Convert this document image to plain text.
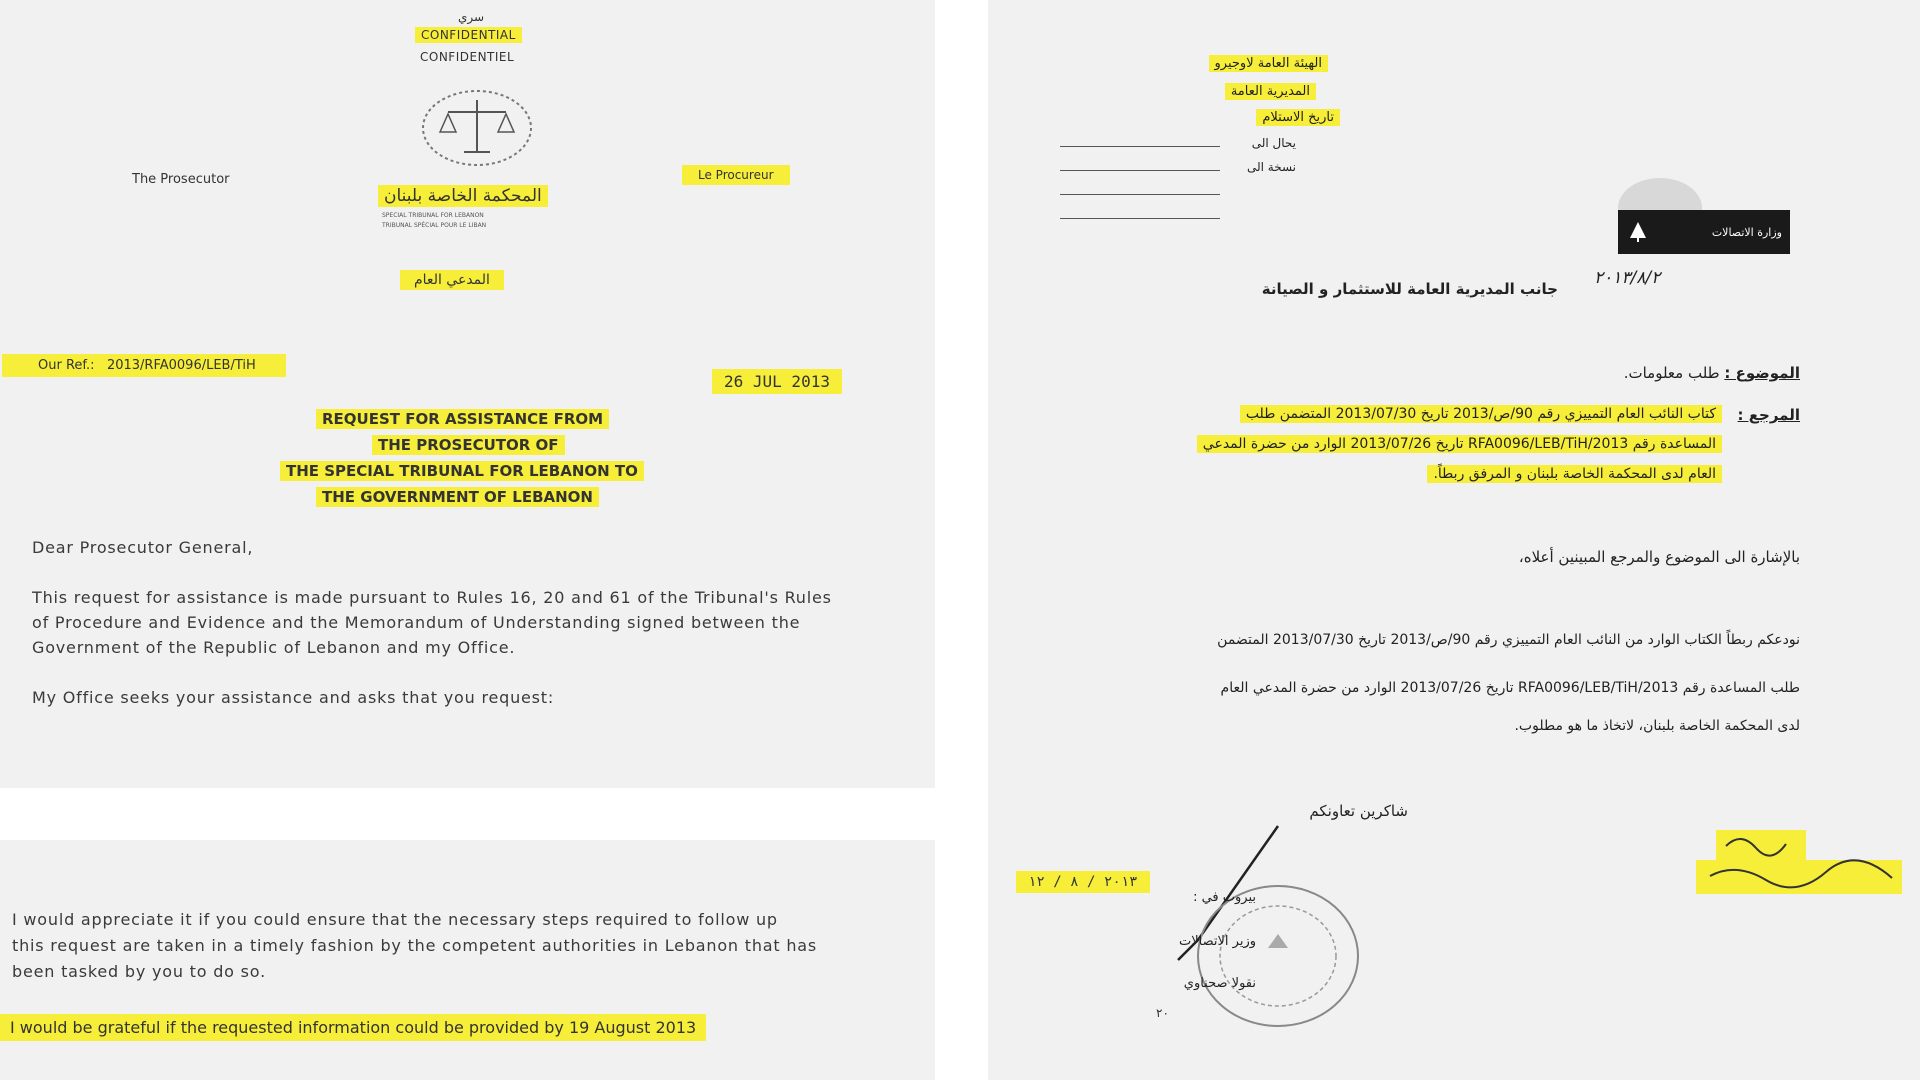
سري
CONFIDENTIAL
CONFIDENTIEL
المحكمة الخاصة بلبنان
SPECIAL TRIBUNAL FOR LEBANON
TRIBUNAL SPÉCIAL POUR LE LIBAN
The Prosecutor	Le Procureur
المدعي العام
Our Ref.: 2013/RFA0096/LEB/TiH
26 JUL 2013
REQUEST FOR ASSISTANCE FROM
THE PROSECUTOR OF
THE SPECIAL TRIBUNAL FOR LEBANON TO
THE GOVERNMENT OF LEBANON
Dear Prosecutor General,
This request for assistance is made pursuant to Rules 16, 20 and 61 of the Tribunal's Rules
of Procedure and Evidence and the Memorandum of Understanding signed between the
Government of the Republic of Lebanon and my Office.
My Office seeks your assistance and asks that you request:
I would appreciate it if you could ensure that the necessary steps required to follow up
this request are taken in a timely fashion by the competent authorities in Lebanon that has
been tasked by you to do so.
I would be grateful if the requested information could be provided by 19 August 2013
الهيئة العامة لاوجيرو
المديرية العامة
تاريخ الاستلام
يحال الى
نسخة الى
وزارة الاتصالات
٢٠١٣/٨/٢
جانب المديرية العامة للاستثمار و الصيانة
الموضوع : طلب معلومات.
المرجع :
كتاب النائب العام التمييزي رقم 90/ص/2013 تاريخ 2013/07/30 المتضمن طلب
المساعدة رقم 2013/RFA0096/LEB/TiH تاريخ 2013/07/26 الوارد من حضرة المدعي
العام لدى المحكمة الخاصة بلبنان و المرفق ربطاً.
بالإشارة الى الموضوع والمرجع المبينين أعلاه،
نودعكم ربطاً الكتاب الوارد من النائب العام التمييزي رقم 90/ص/2013 تاريخ 2013/07/30 المتضمن
طلب المساعدة رقم 2013/RFA0096/LEB/TiH تاريخ 2013/07/26 الوارد من حضرة المدعي العام
لدى المحكمة الخاصة بلبنان، لاتخاذ ما هو مطلوب.
شاكرين تعاونكم
٢٠١٣ / ٨ / ١٢
بيروت في :
وزير الاتصالات
نقولا صحناوي
٢٠
